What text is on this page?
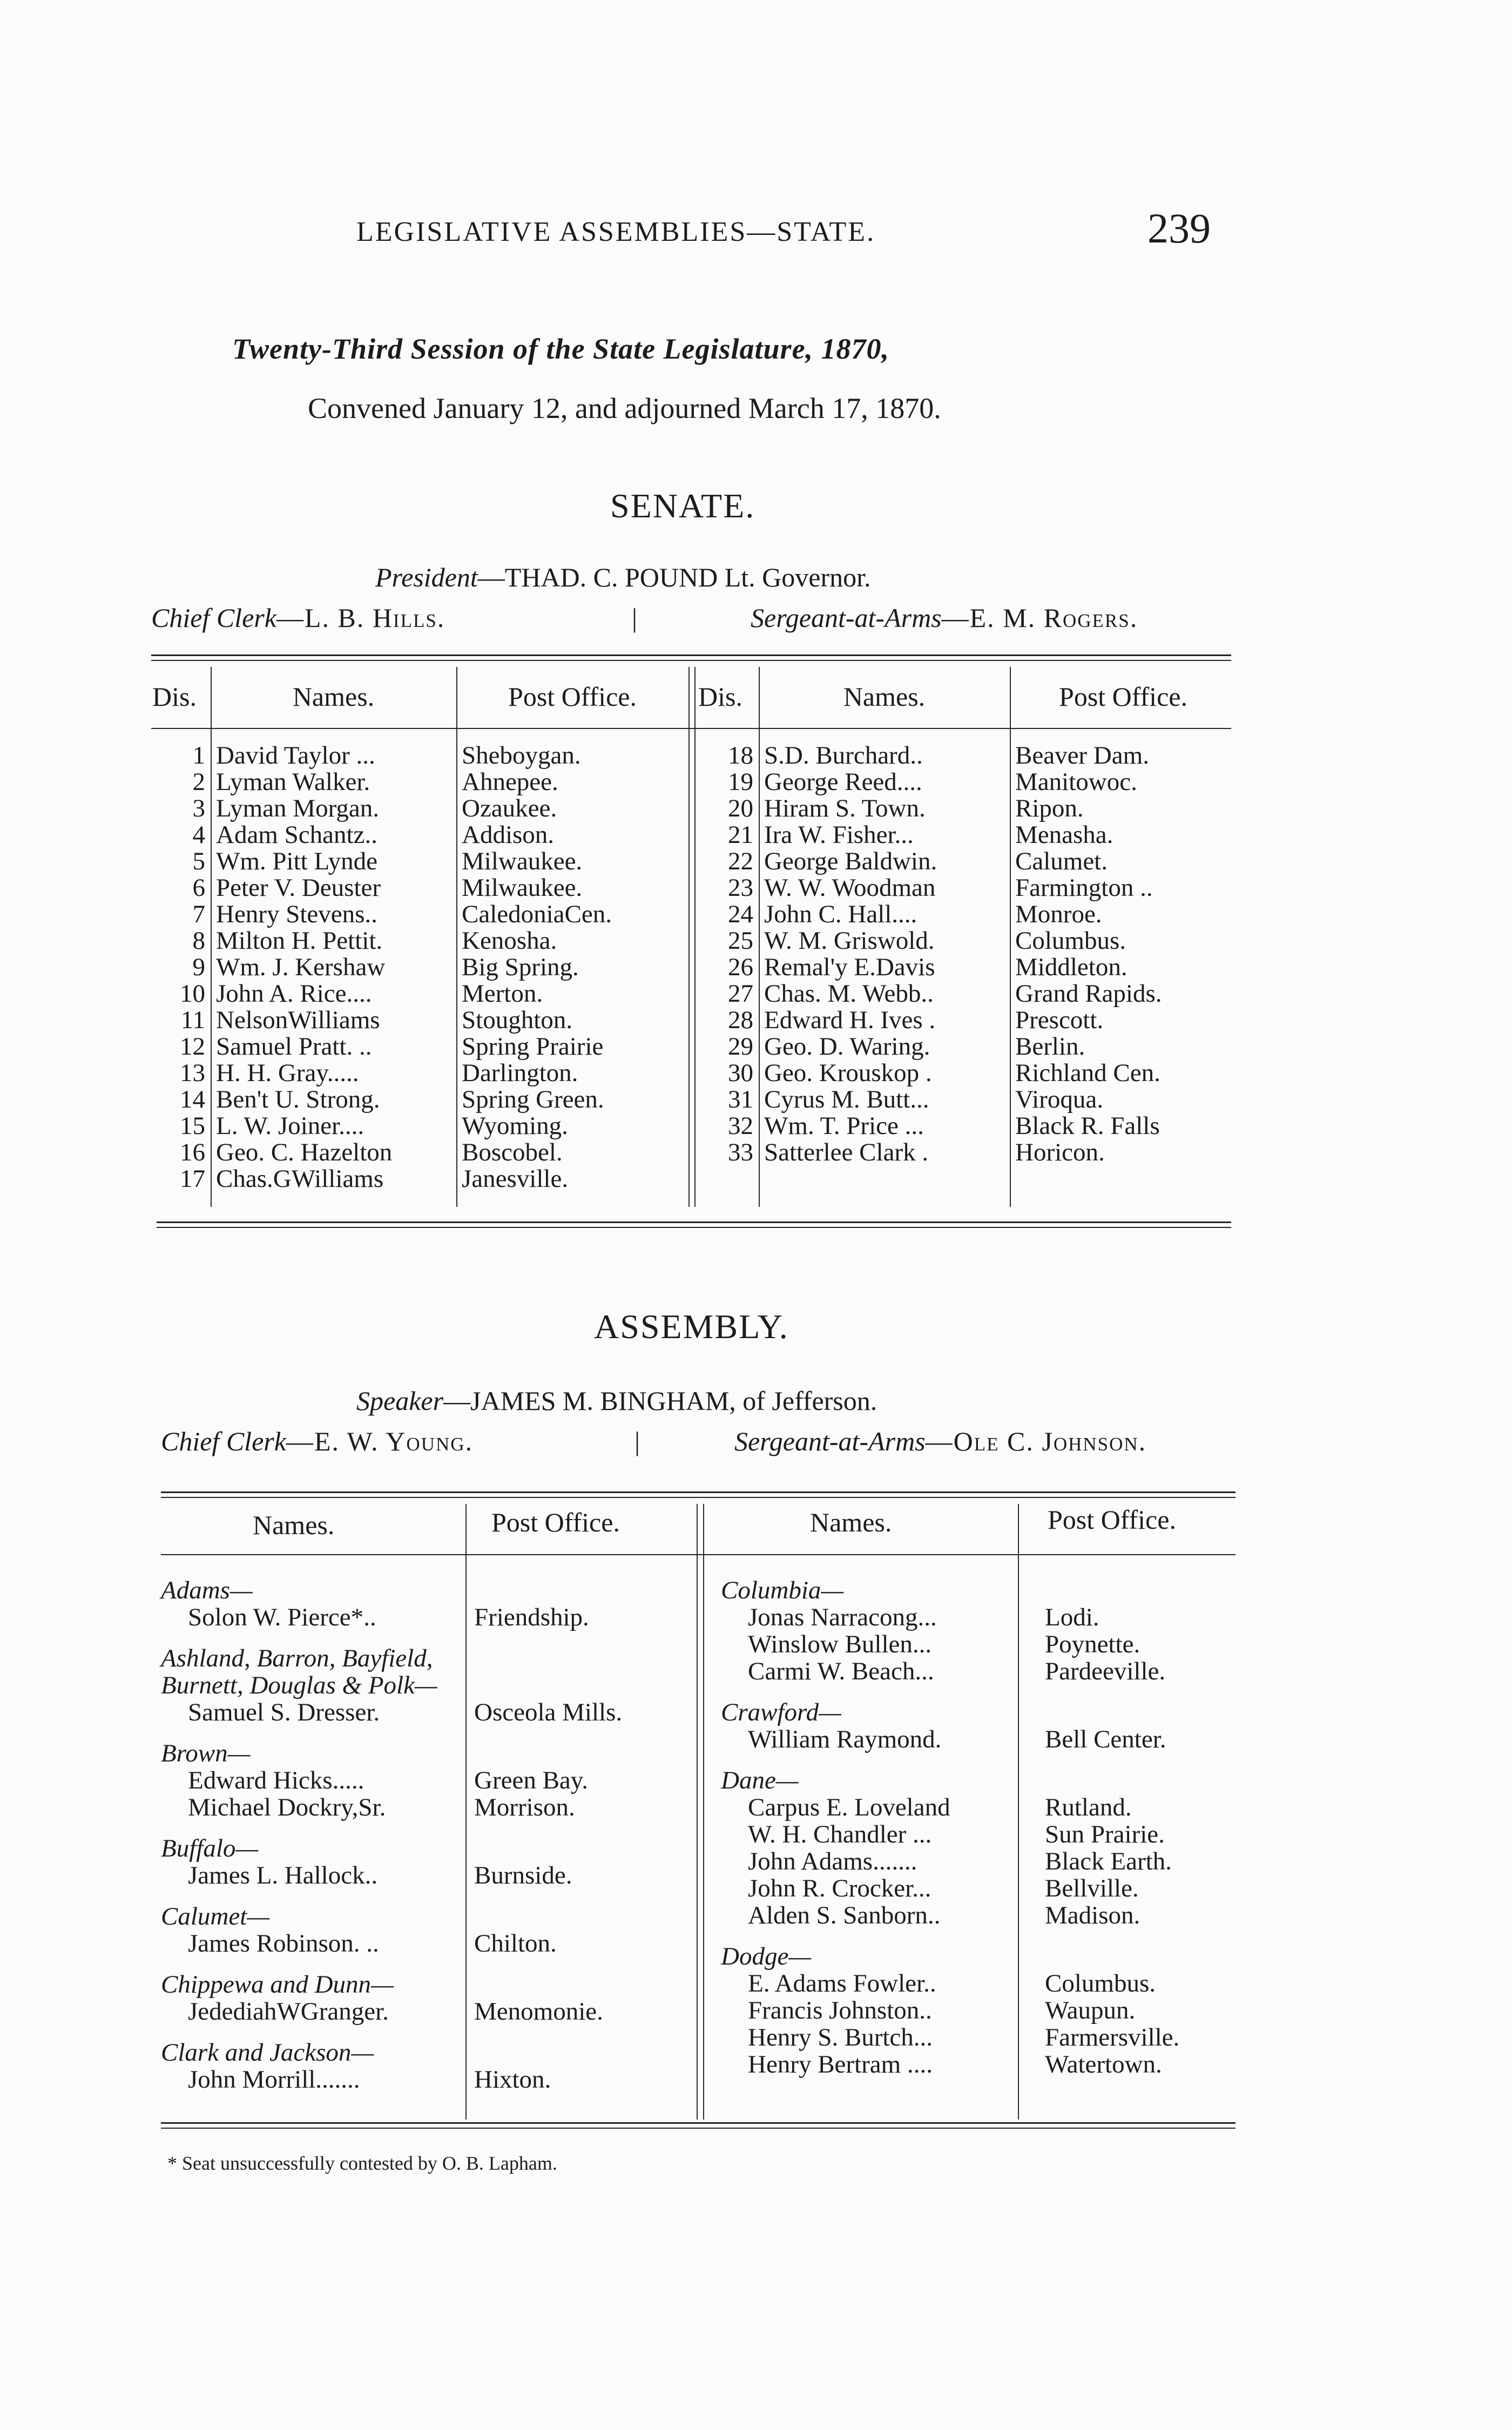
LEGISLATIVE ASSEMBLIES—STATE.	239
Twenty-Third Session of the State Legislature, 1870,
Convened January 12, and adjourned March 17, 1870.
SENATE.
President—THAD. C. POUND Lt. Governor.
Chief Clerk—L. B. Hills.	|	Sergeant-at-Arms—E. M. Rogers.
Dis.	Names.	Post Office.

1	David Taylor ...	Sheboygan.
2	Lyman Walker.	Ahnepee.
3	Lyman Morgan.	Ozaukee.
4	Adam Schantz..	Addison.
5	Wm. Pitt Lynde	Milwaukee.
6	Peter V. Deuster	Milwaukee.
7	Henry Stevens..	CaledoniaCen.
8	Milton H. Pettit.	Kenosha.
9	Wm. J. Kershaw	Big Spring.
10	John A. Rice....	Merton.
11	NelsonWilliams	Stoughton.
12	Samuel Pratt. ..	Spring Prairie
13	H. H. Gray.....	Darlington.
14	Ben't U. Strong.	Spring Green.
15	L. W. Joiner....	Wyoming.
16	Geo. C. Hazelton	Boscobel.
17	Chas.GWilliams	Janesville.
Dis.	Names.	Post Office.

18	S.D. Burchard..	Beaver Dam.
19	George Reed....	Manitowoc.
20	Hiram S. Town.	Ripon.
21	Ira W. Fisher...	Menasha.
22	George Baldwin.	Calumet.
23	W. W. Woodman	Farmington ..
24	John C. Hall....	Monroe.
25	W. M. Griswold.	Columbus.
26	Remal'y E.Davis	Middleton.
27	Chas. M. Webb..	Grand Rapids.
28	Edward H. Ives .	Prescott.
29	Geo. D. Waring.	Berlin.
30	Geo. Krouskop .	Richland Cen.
31	Cyrus M. Butt...	Viroqua.
32	Wm. T. Price ...	Black R. Falls
33	Satterlee Clark .	Horicon.
ASSEMBLY.
Speaker—JAMES M. BINGHAM, of Jefferson.
Chief Clerk—E. W. Young.	|	Sergeant-at-Arms—Ole C. Johnson.
Names.	Post Office.	Names.	Post Office.
Adams—
Solon W. Pierce*..	Friendship.
Ashland, Barron, Bayfield, Burnett, Douglas & Polk—
Samuel S. Dresser.	Osceola Mills.
Brown—
Edward Hicks.....	Green Bay.
Michael Dockry,Sr.	Morrison.
Buffalo—
James L. Hallock..	Burnside.
Calumet—
James Robinson. ..	Chilton.
Chippewa and Dunn—
JedediahWGranger.	Menomonie.
Clark and Jackson—
John Morrill.......	Hixton.
Columbia—
Jonas Narracong...	Lodi.
Winslow Bullen...	Poynette.
Carmi W. Beach...	Pardeeville.
Crawford—
William Raymond.	Bell Center.
Dane—
Carpus E. Loveland	Rutland.
W. H. Chandler ...	Sun Prairie.
John Adams.......	Black Earth.
John R. Crocker...	Bellville.
Alden S. Sanborn..	Madison.
Dodge—
E. Adams Fowler..	Columbus.
Francis Johnston..	Waupun.
Henry S. Burtch...	Farmersville.
Henry Bertram ....	Watertown.
* Seat unsuccessfully contested by O. B. Lapham.
